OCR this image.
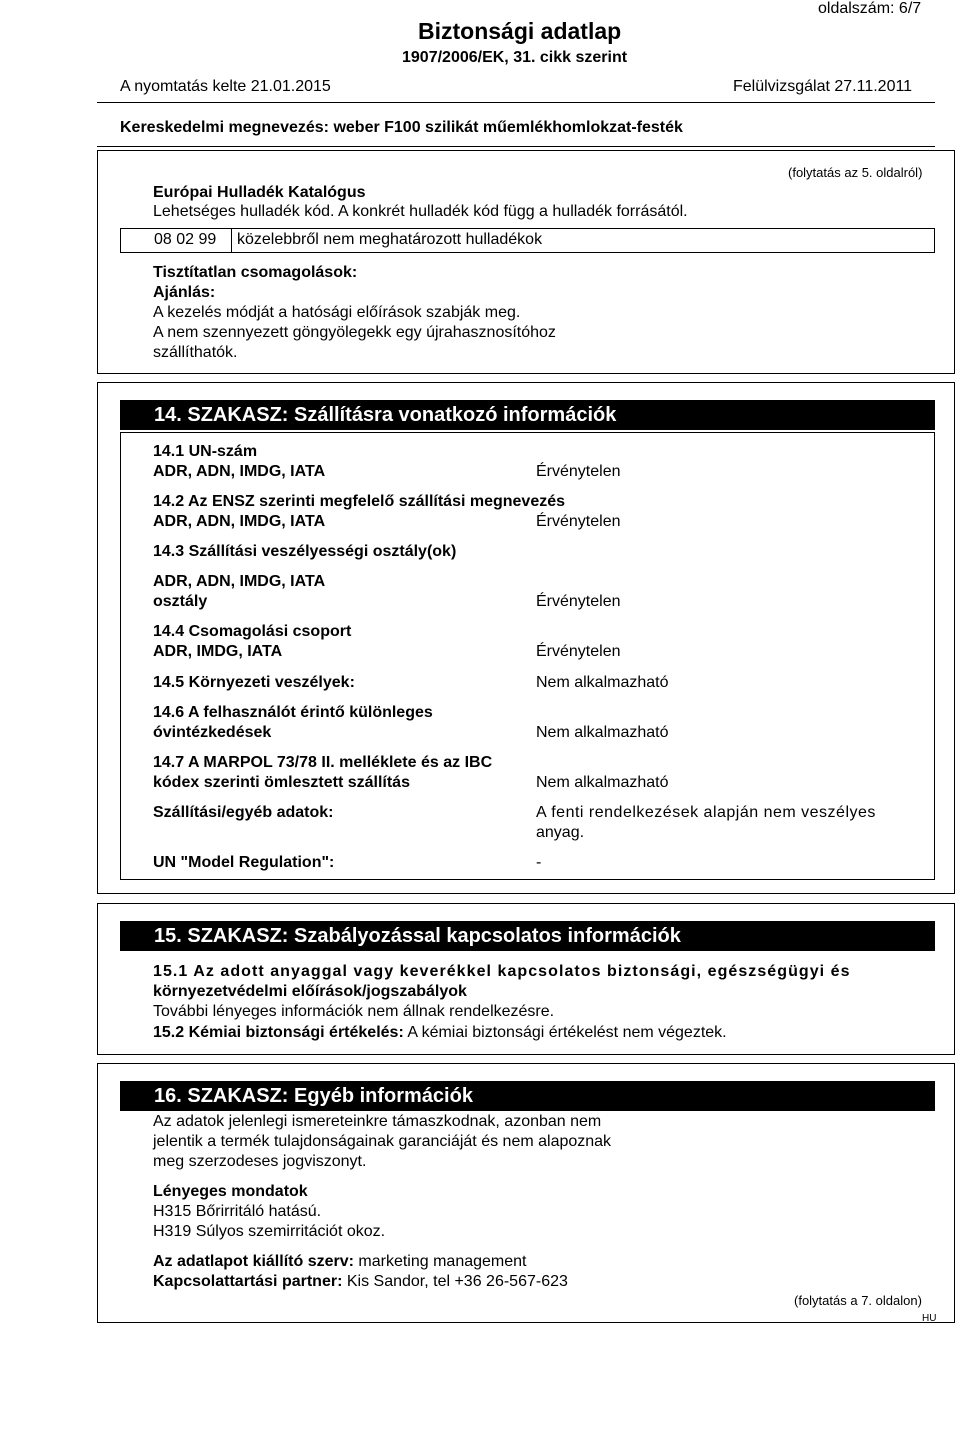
oldalszám: 6/7
Biztonsági adatlap
1907/2006/EK, 31. cikk szerint
A nyomtatás kelte 21.01.2015	Felülvizsgálat 27.11.2011
Kereskedelmi megnevezés: weber F100 szilikát műemlékhomlokzat-festék
(folytatás az 5. oldalról)
Európai Hulladék Katalógus
Lehetséges hulladék kód. A konkrét hulladék kód függ a hulladék forrásától.
08 02 99 közelebbről nem meghatározott hulladékok
Tisztítatlan csomagolások:
Ajánlás:
A kezelés módját a hatósági előírások szabják meg.
A nem szennyezett göngyölegekk egy újrahasznosítóhoz
szállíthatók.
14. SZAKASZ: Szállításra vonatkozó információk
14.1 UN-szám
ADR, ADN, IMDG, IATA	Érvénytelen
14.2 Az ENSZ szerinti megfelelő szállítási megnevezés
ADR, ADN, IMDG, IATA	Érvénytelen
14.3 Szállítási veszélyességi osztály(ok)
ADR, ADN, IMDG, IATA
osztály	Érvénytelen
14.4 Csomagolási csoport
ADR, IMDG, IATA	Érvénytelen
14.5 Környezeti veszélyek:	Nem alkalmazható
14.6 A felhasználót érintő különleges
óvintézkedések	Nem alkalmazható
14.7 A MARPOL 73/78 II. melléklete és az IBC
kódex szerinti ömlesztett szállítás	Nem alkalmazható
Szállítási/egyéb adatok:	A fenti rendelkezések alapján nem veszélyes
anyag.
UN "Model Regulation":	-
15. SZAKASZ: Szabályozással kapcsolatos információk
15.1 Az adott anyaggal vagy keverékkel kapcsolatos biztonsági, egészségügyi és
környezetvédelmi előírások/jogszabályok
További lényeges információk nem állnak rendelkezésre.
15.2 Kémiai biztonsági értékelés: A kémiai biztonsági értékelést nem végeztek.
16. SZAKASZ: Egyéb információk
Az adatok jelenlegi ismereteinkre támaszkodnak, azonban nem
jelentik a termék tulajdonságainak garanciáját és nem alapoznak
meg szerzodeses jogviszonyt.
Lényeges mondatok
H315 Bőrirritáló hatású.
H319 Súlyos szemirritációt okoz.
Az adatlapot kiállító szerv: marketing management
Kapcsolattartási partner: Kis Sandor, tel +36 26-567-623
(folytatás a 7. oldalon)
HU
